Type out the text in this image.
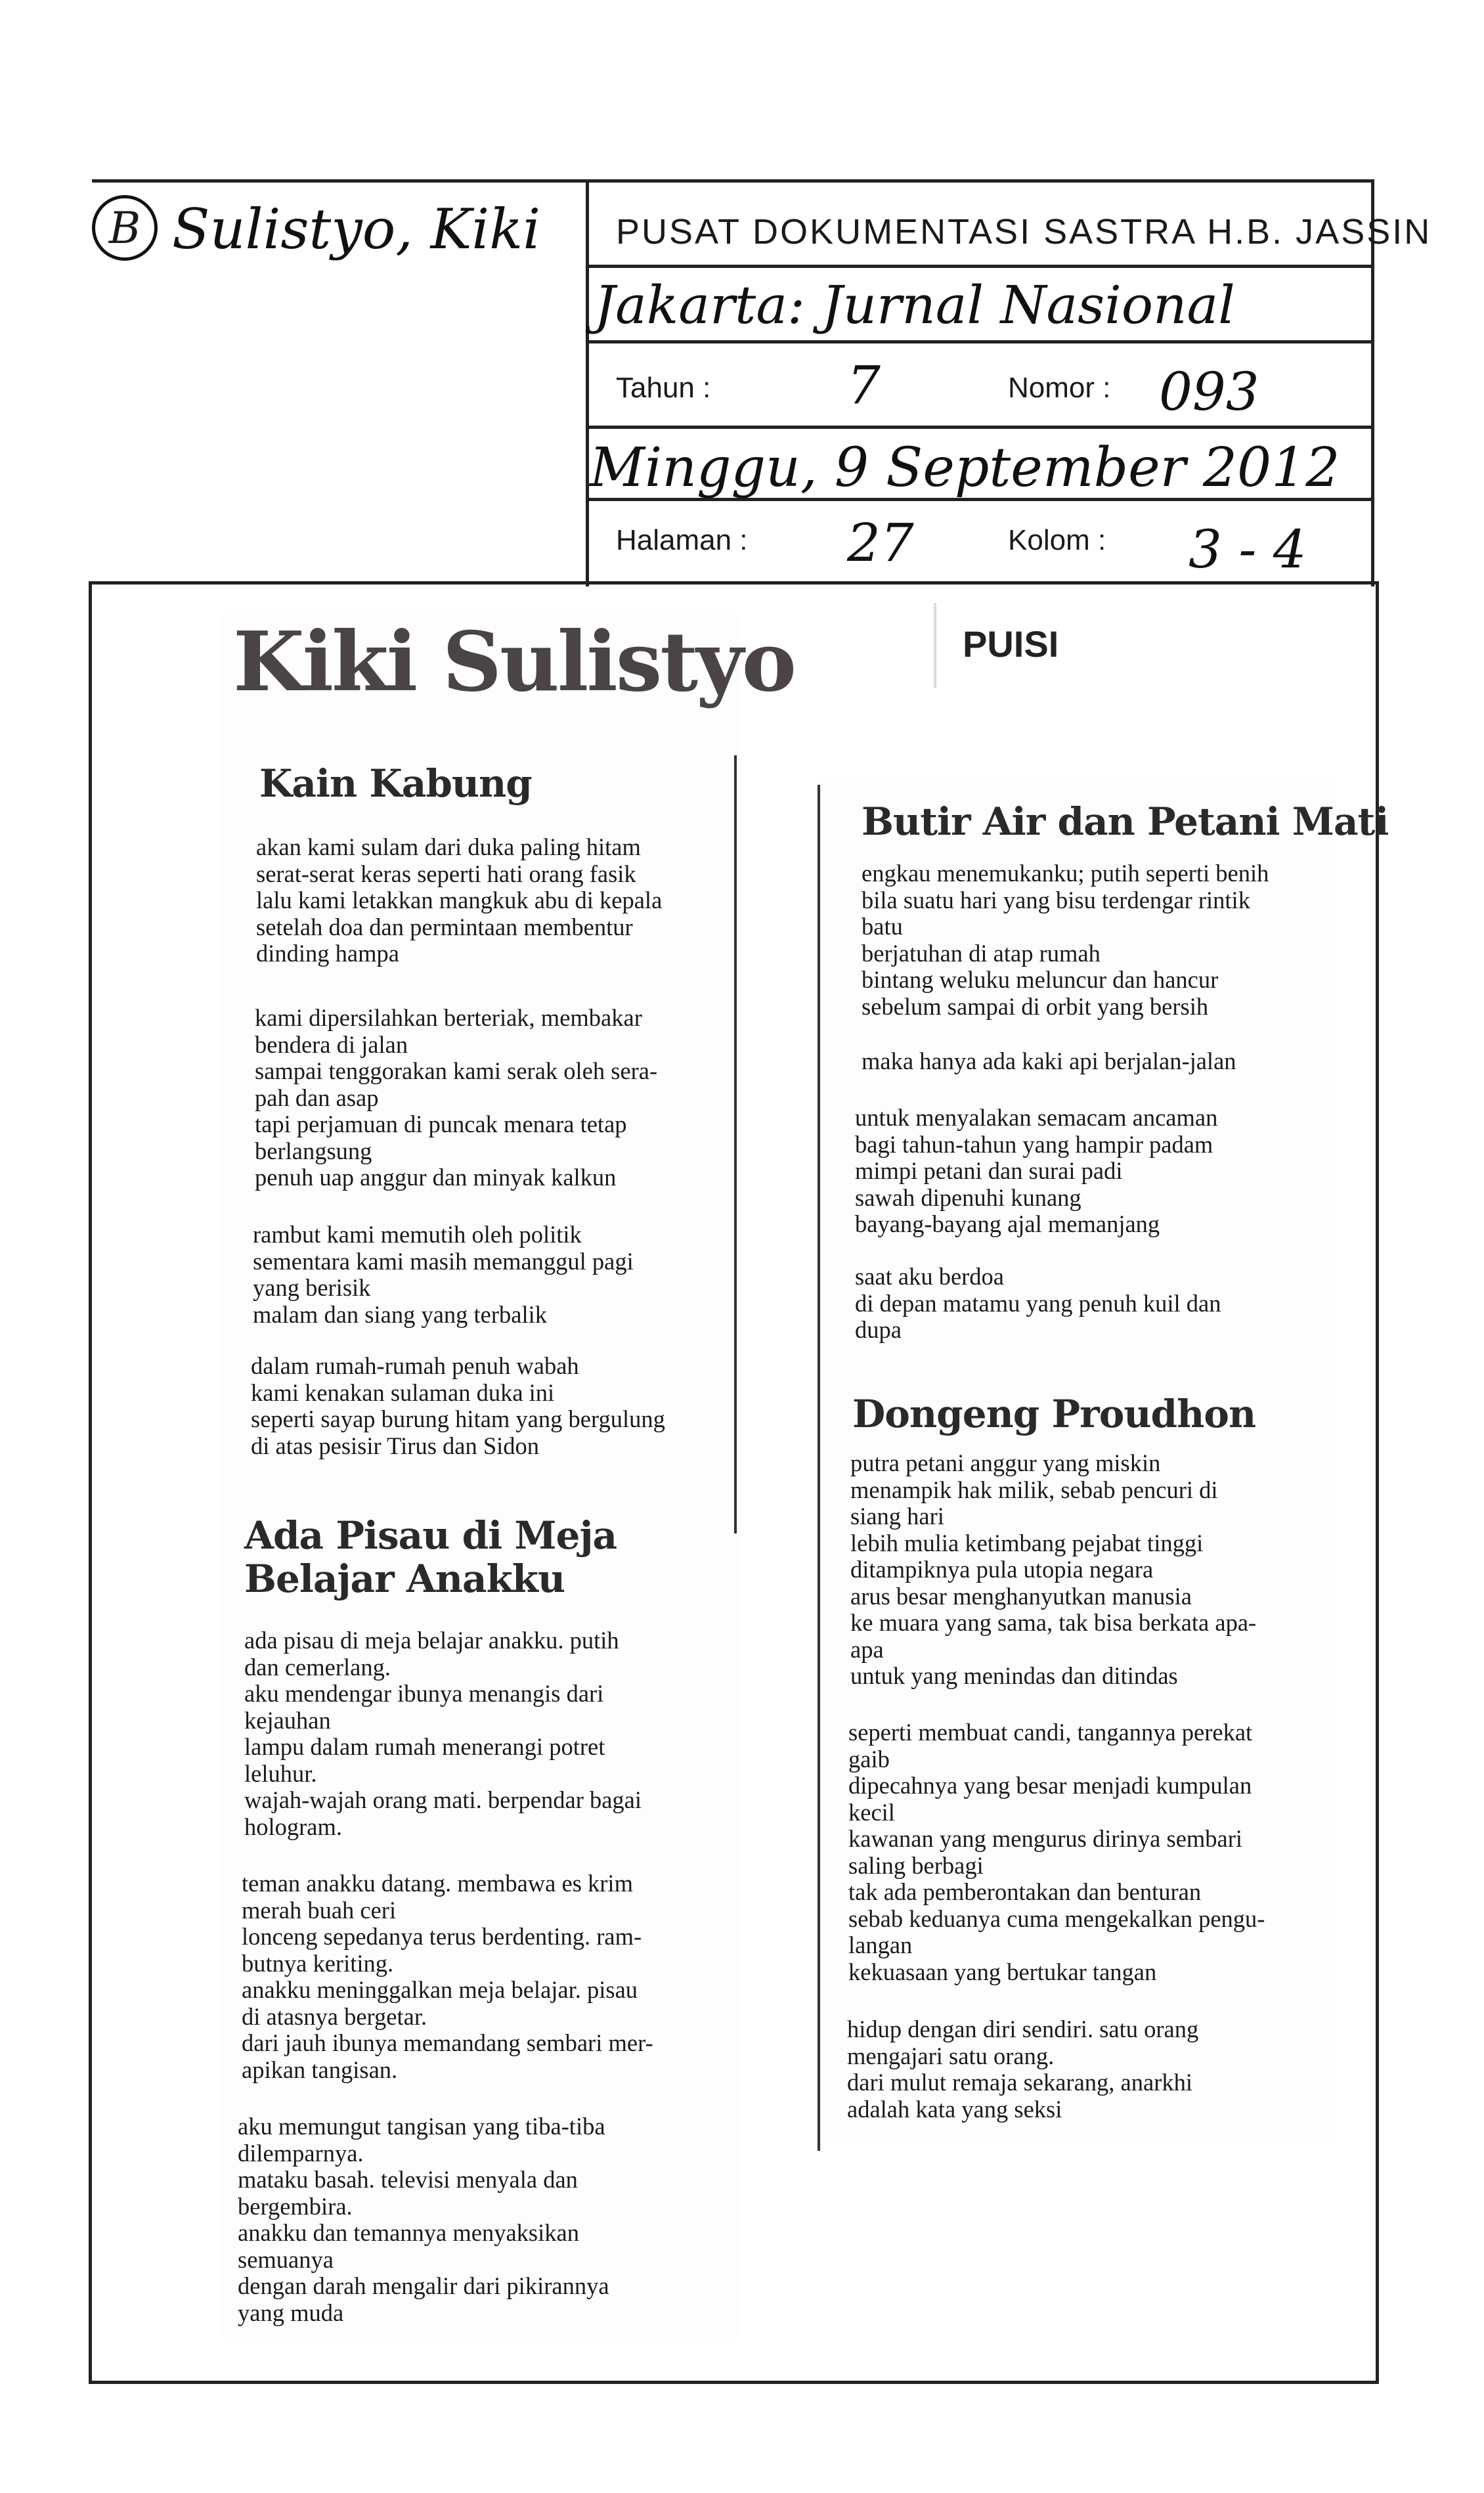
B Sulistyo, Kiki PUSAT DOKUMENTASI SASTRA H.B. JASSIN
Jakarta: Jurnal Nasional
Tahun :	7	Nomor : 093
Minggu, 9 September 2012
Halaman : 27	Kolom : 3 - 4
Kiki Sulistyo	PUISI
Kain Kabung
akan kami sulam dari duka paling hitam
serat-serat keras seperti hati orang fasik
lalu kami letakkan mangkuk abu di kepala
setelah doa dan permintaan membentur
dinding hampa
kami dipersilahkan berteriak, membakar
bendera di jalan
sampai tenggorakan kami serak oleh sera-
pah dan asap
tapi perjamuan di puncak menara tetap
berlangsung
penuh uap anggur dan minyak kalkun
rambut kami memutih oleh politik
sementara kami masih memanggul pagi
yang berisik
malam dan siang yang terbalik
dalam rumah-rumah penuh wabah
kami kenakan sulaman duka ini
seperti sayap burung hitam yang bergulung
di atas pesisir Tirus dan Sidon
Ada Pisau di Meja
Belajar Anakku
ada pisau di meja belajar anakku. putih
dan cemerlang.
aku mendengar ibunya menangis dari
kejauhan
lampu dalam rumah menerangi potret
leluhur.
wajah-wajah orang mati. berpendar bagai
hologram.
teman anakku datang. membawa es krim
merah buah ceri
lonceng sepedanya terus berdenting. ram-
butnya keriting.
anakku meninggalkan meja belajar. pisau
di atasnya bergetar.
dari jauh ibunya memandang sembari mer-
apikan tangisan.
aku memungut tangisan yang tiba-tiba
dilemparnya.
mataku basah. televisi menyala dan
bergembira.
anakku dan temannya menyaksikan
semuanya
dengan darah mengalir dari pikirannya
yang muda
Butir Air dan Petani Mati
engkau menemukanku; putih seperti benih
bila suatu hari yang bisu terdengar rintik
batu
berjatuhan di atap rumah
bintang weluku meluncur dan hancur
sebelum sampai di orbit yang bersih
maka hanya ada kaki api berjalan-jalan
untuk menyalakan semacam ancaman
bagi tahun-tahun yang hampir padam
mimpi petani dan surai padi
sawah dipenuhi kunang
bayang-bayang ajal memanjang
saat aku berdoa
di depan matamu yang penuh kuil dan
dupa
Dongeng Proudhon
putra petani anggur yang miskin
menampik hak milik, sebab pencuri di
siang hari
lebih mulia ketimbang pejabat tinggi
ditampiknya pula utopia negara
arus besar menghanyutkan manusia
ke muara yang sama, tak bisa berkata apa-
apa
untuk yang menindas dan ditindas
seperti membuat candi, tangannya perekat
gaib
dipecahnya yang besar menjadi kumpulan
kecil
kawanan yang mengurus dirinya sembari
saling berbagi
tak ada pemberontakan dan benturan
sebab keduanya cuma mengekalkan pengu-
langan
kekuasaan yang bertukar tangan
hidup dengan diri sendiri. satu orang
mengajari satu orang.
dari mulut remaja sekarang, anarkhi
adalah kata yang seksi
